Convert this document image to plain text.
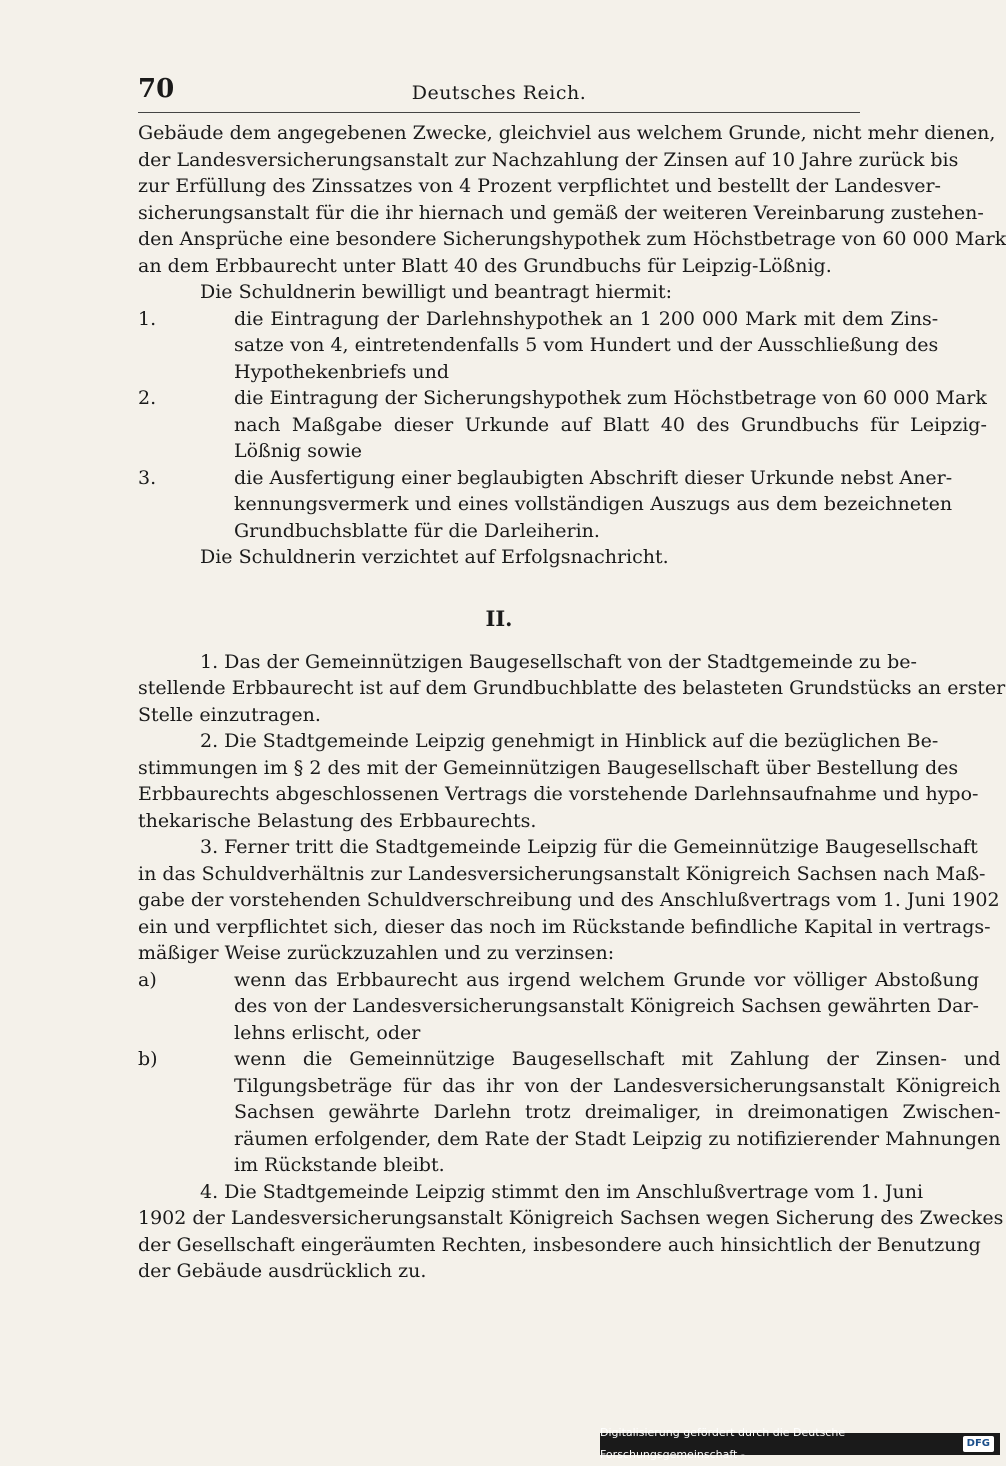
70	Deutsches Reich.
Gebäude dem angegebenen Zwecke, gleichviel aus welchem Grunde, nicht mehr dienen,
der Landesversicherungsanstalt zur Nachzahlung der Zinsen auf 10 Jahre zurück bis
zur Erfüllung des Zinssatzes von 4 Prozent verpflichtet und bestellt der Landesver-
sicherungsanstalt für die ihr hiernach und gemäß der weiteren Vereinbarung zustehen-
den Ansprüche eine besondere Sicherungshypothek zum Höchstbetrage von 60 000 Mark
an dem Erbbaurecht unter Blatt 40 des Grundbuchs für Leipzig-Lößnig.
Die Schuldnerin bewilligt und beantragt hiermit:
1.	die Eintragung der Darlehnshypothek an 1 200 000 Mark mit dem Zins-
satze von 4, eintretendenfalls 5 vom Hundert und der Ausschließung des
Hypothekenbriefs und
2.	die Eintragung der Sicherungshypothek zum Höchstbetrage von 60 000 Mark
nach Maßgabe dieser Urkunde auf Blatt 40 des Grundbuchs für Leipzig-
Lößnig sowie
3.	die Ausfertigung einer beglaubigten Abschrift dieser Urkunde nebst Aner-
kennungsvermerk und eines vollständigen Auszugs aus dem bezeichneten
Grundbuchsblatte für die Darleiherin.
Die Schuldnerin verzichtet auf Erfolgsnachricht.
II.
1. Das der Gemeinnützigen Baugesellschaft von der Stadtgemeinde zu be-
stellende Erbbaurecht ist auf dem Grundbuchblatte des belasteten Grundstücks an erster
Stelle einzutragen.
2. Die Stadtgemeinde Leipzig genehmigt in Hinblick auf die bezüglichen Be-
stimmungen im § 2 des mit der Gemeinnützigen Baugesellschaft über Bestellung des
Erbbaurechts abgeschlossenen Vertrags die vorstehende Darlehnsaufnahme und hypo-
thekarische Belastung des Erbbaurechts.
3. Ferner tritt die Stadtgemeinde Leipzig für die Gemeinnützige Baugesellschaft
in das Schuldverhältnis zur Landesversicherungsanstalt Königreich Sachsen nach Maß-
gabe der vorstehenden Schuldverschreibung und des Anschlußvertrags vom 1. Juni 1902
ein und verpflichtet sich, dieser das noch im Rückstande befindliche Kapital in vertrags-
mäßiger Weise zurückzuzahlen und zu verzinsen:
a)	wenn das Erbbaurecht aus irgend welchem Grunde vor völliger Abstoßung
des von der Landesversicherungsanstalt Königreich Sachsen gewährten Dar-
lehns erlischt, oder
b)	wenn die Gemeinnützige Baugesellschaft mit Zahlung der Zinsen- und
Tilgungsbeträge für das ihr von der Landesversicherungsanstalt Königreich
Sachsen gewährte Darlehn trotz dreimaliger, in dreimonatigen Zwischen-
räumen erfolgender, dem Rate der Stadt Leipzig zu notifizierender Mahnungen
im Rückstande bleibt.
4. Die Stadtgemeinde Leipzig stimmt den im Anschlußvertrage vom 1. Juni
1902 der Landesversicherungsanstalt Königreich Sachsen wegen Sicherung des Zweckes
der Gesellschaft eingeräumten Rechten, insbesondere auch hinsichtlich der Benutzung
der Gebäude ausdrücklich zu.
Digitalisierung gefördert durch die Deutsche Forschungsgemeinschaft -
DFG
